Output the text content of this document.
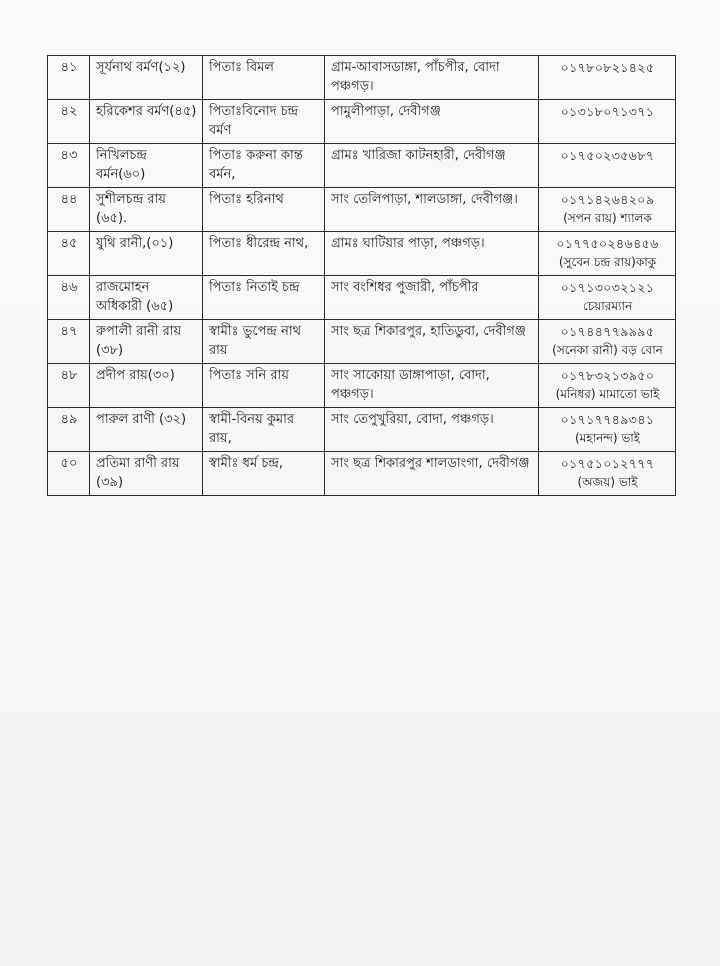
৪১	সূর্যনাথ বর্মণ(১২)	পিতাঃ বিমল	গ্রাম-আবাসডাঙ্গা, পাঁচপীর, বোদা পঞ্চগড়।	০১৭৮০৮২১৪২৫

৪২	হরিকেশর বর্মণ(৪৫)	পিতাঃবিনোদ চন্দ্র বর্মণ	পামুলীপাড়া, দেবীগঞ্জ	০১৩১৮০৭১৩৭১

৪৩	নিখিলচন্দ্র বর্মন(৬০)	পিতাঃ করুনা কান্ত বর্মন,	গ্রামঃ খারিজা কাটনহারী, দেবীগঞ্জ	০১৭৫০২৩৫৬৮৭

৪৪	সুশীলচন্দ্র রায় (৬৫).	পিতাঃ হরিনাথ	সাং তেলিপাড়া, শালডাঙ্গা, দেবীগঞ্জ।	০১৭১৪২৬৪২০৯
(সপন রায়) শ্যালক

৪৫	যুথি রানী,(০১)	পিতাঃ ধীরেন্দ্র নাথ,	গ্রামঃ ঘাটিয়ার পাড়া, পঞ্চগড়।	০১৭৭৫০২৪৬৪৫৬
(সুবেন চন্দ্র রায়)কাকু

৪৬	রাজমোহন অধিকারী (৬৫)	পিতাঃ নিতাই চন্দ্র	সাং বংশিধর পুজারী, পাঁচপীর	০১৭১৩০৩২১২১
চেয়ারম্যান

৪৭	রুপালী রানী রায় (৩৮)	স্বামীঃ ভুপেন্দ্র নাথ রায়	সাং ছত্র শিকারপুর, হাতিডুবা, দেবীগঞ্জ	০১৭৪৪৭৭৯৯৯৫
(সনেকা রানী) বড় বোন

৪৮	প্রদীপ রায়(৩০)	পিতাঃ সনি রায়	সাং সাকোয়া ডাঙ্গাপাড়া, বোদা, পঞ্চগড়।	০১৭৮৩২১৩৯৫০
(মনিধর) মামাতো ভাই

৪৯	পারুল রাণী (৩২)	স্বামী-বিনয় কুমার রায়,	সাং তেপুখুরিয়া, বোদা, পঞ্চগড়।	০১৭১৭৭৪৯৩৪১
(মহানন্দ) ভাই

৫০	প্রতিমা রাণী রায় (৩৯)	স্বামীঃ ধর্ম চন্দ্র,	সাং ছত্র শিকারপুর শালডাংগা, দেবীগঞ্জ	০১৭৫১০১২৭৭৭
(অজয়) ভাই
